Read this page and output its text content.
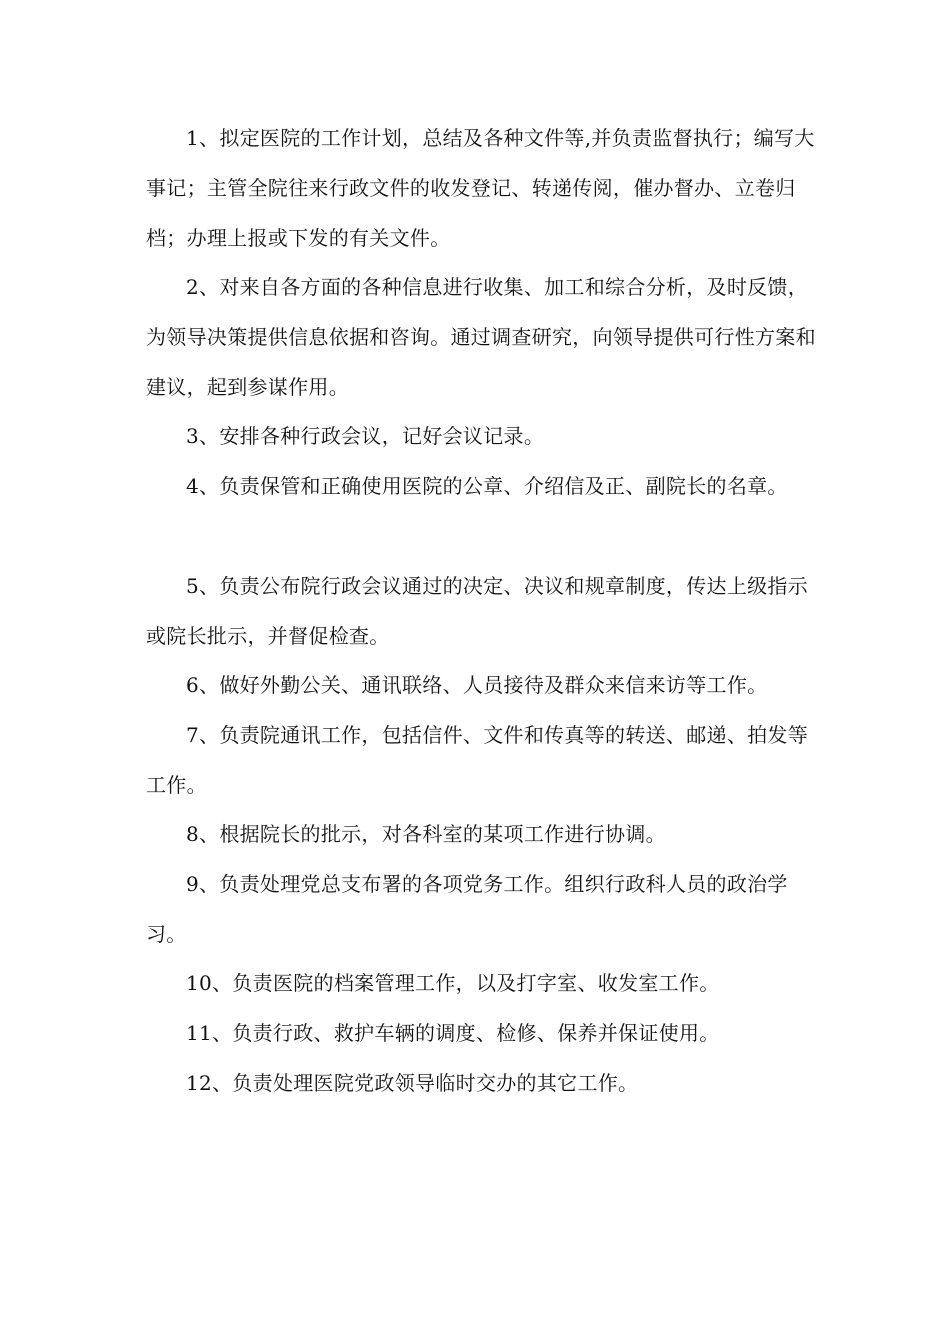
1、拟定医院的工作计划，总结及各种文件等,并负责监督执行；编写大事记；主管全院往来行政文件的收发登记、转递传阅，催办督办、立卷归档；办理上报或下发的有关文件。

2、对来自各方面的各种信息进行收集、加工和综合分析，及时反馈，为领导决策提供信息依据和咨询。通过调查研究，向领导提供可行性方案和建议，起到参谋作用。

3、安排各种行政会议，记好会议记录。

4、负责保管和正确使用医院的公章、介绍信及正、副院长的名章。

5、负责公布院行政会议通过的决定、决议和规章制度，传达上级指示或院长批示，并督促检查。

6、做好外勤公关、通讯联络、人员接待及群众来信来访等工作。

7、负责院通讯工作，包括信件、文件和传真等的转送、邮递、拍发等工作。

8、根据院长的批示，对各科室的某项工作进行协调。

9、负责处理党总支布署的各项党务工作。组织行政科人员的政治学习。

10、负责医院的档案管理工作，以及打字室、收发室工作。

11、负责行政、救护车辆的调度、检修、保养并保证使用。

12、负责处理医院党政领导临时交办的其它工作。
